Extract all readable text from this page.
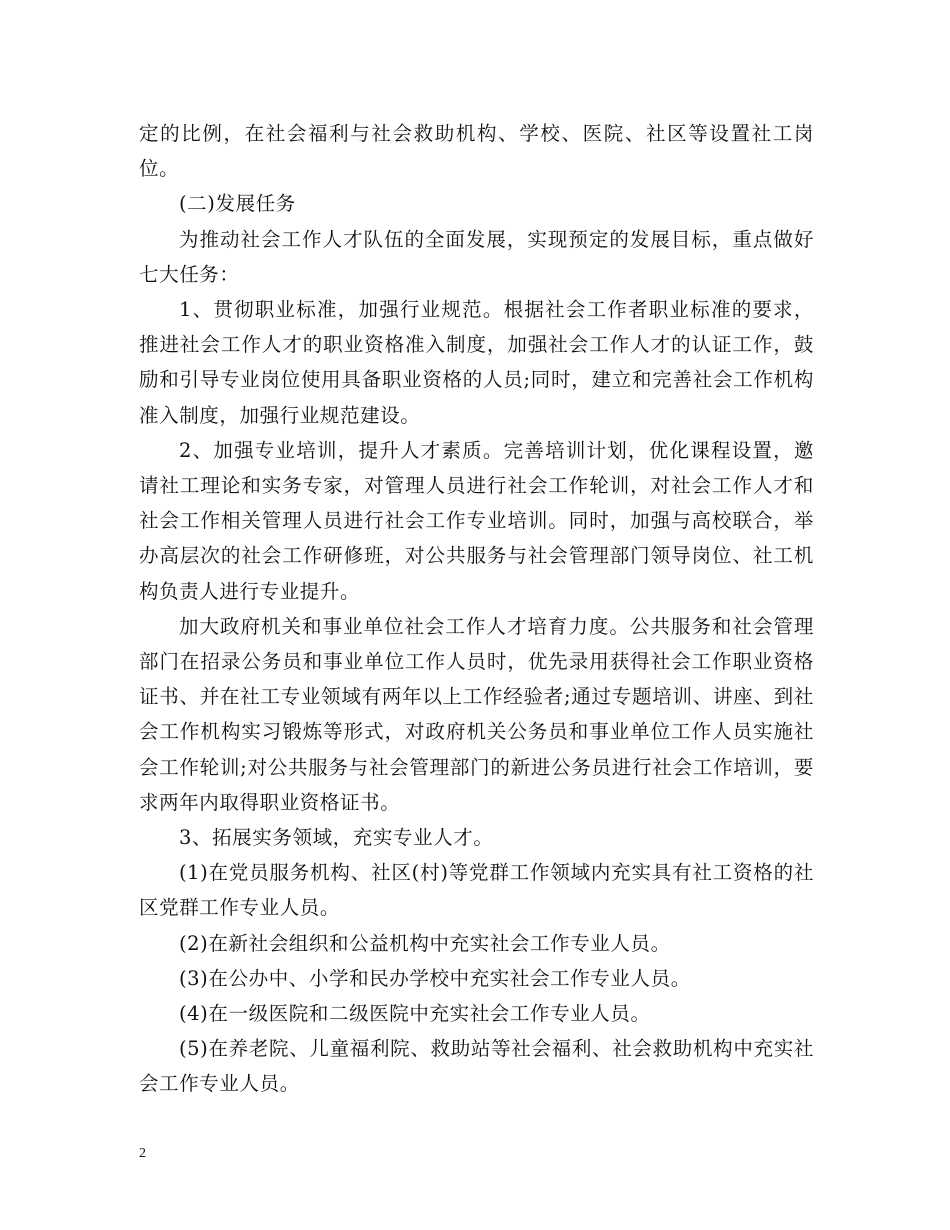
定的比例，在社会福利与社会救助机构、学校、医院、社区等设置社工岗位。

(二)发展任务

为推动社会工作人才队伍的全面发展，实现预定的发展目标，重点做好七大任务：

1、贯彻职业标准，加强行业规范。根据社会工作者职业标准的要求，推进社会工作人才的职业资格准入制度，加强社会工作人才的认证工作，鼓励和引导专业岗位使用具备职业资格的人员;同时，建立和完善社会工作机构准入制度，加强行业规范建设。

2、加强专业培训，提升人才素质。完善培训计划，优化课程设置，邀请社工理论和实务专家，对管理人员进行社会工作轮训，对社会工作人才和社会工作相关管理人员进行社会工作专业培训。同时，加强与高校联合，举办高层次的社会工作研修班，对公共服务与社会管理部门领导岗位、社工机构负责人进行专业提升。

加大政府机关和事业单位社会工作人才培育力度。公共服务和社会管理部门在招录公务员和事业单位工作人员时，优先录用获得社会工作职业资格证书、并在社工专业领域有两年以上工作经验者;通过专题培训、讲座、到社会工作机构实习锻炼等形式，对政府机关公务员和事业单位工作人员实施社会工作轮训;对公共服务与社会管理部门的新进公务员进行社会工作培训，要求两年内取得职业资格证书。

3、拓展实务领域，充实专业人才。

(1)在党员服务机构、社区(村)等党群工作领域内充实具有社工资格的社区党群工作专业人员。

(2)在新社会组织和公益机构中充实社会工作专业人员。

(3)在公办中、小学和民办学校中充实社会工作专业人员。

(4)在一级医院和二级医院中充实社会工作专业人员。

(5)在养老院、儿童福利院、救助站等社会福利、社会救助机构中充实社会工作专业人员。

2
